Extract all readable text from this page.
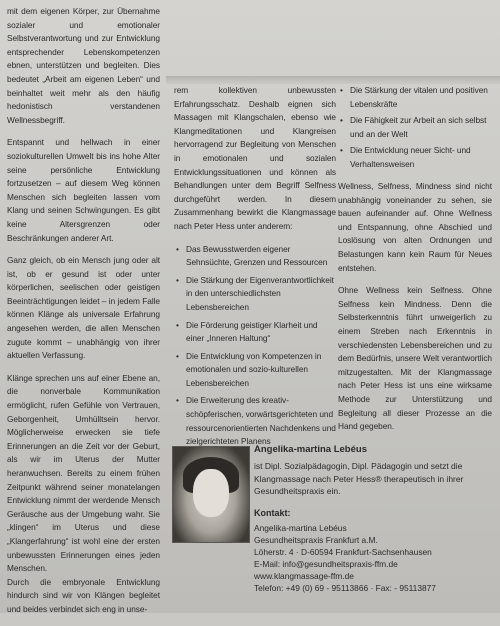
mit dem eigenen Körper, zur Übernahme sozialer und emotionaler Selbstverantwortung und zur Entwicklung entsprechender Lebenskompetenzen ebnen, unterstützen und begleiten. Dies bedeutet „Arbeit am eigenen Leben“ und beinhaltet weit mehr als den häufig hedonistisch verstandenen Wellnessbegriff.

Entspannt und hellwach in einer soziokulturellen Umwelt bis ins hohe Alter seine persönliche Entwicklung fortzusetzen – auf diesem Weg können Menschen sich begleiten lassen vom Klang und seinen Schwingungen. Es gibt keine Altersgrenzen oder Beschränkungen anderer Art.

Ganz gleich, ob ein Mensch jung oder alt ist, ob er gesund ist oder unter körperlichen, seelischen oder geistigen Beeinträchtigungen leidet – in jedem Falle können Klänge als universale Erfahrung angesehen werden, die allen Menschen zugute kommt – unabhängig von ihrer aktuellen Verfassung.

Klänge sprechen uns auf einer Ebene an, die nonverbale Kommunikation ermöglicht, rufen Gefühle von Vertrauen, Geborgenheit, Umhülltsein hervor. Möglicherweise erwecken sie tiefe Erinnerungen an die Zeit vor der Geburt, als wir im Uterus der Mutter heranwuchsen. Bereits zu einem frühen Zeitpunkt während seiner monatelangen Entwicklung nimmt der werdende Mensch Geräusche aus der Umgebung wahr. Sie „klingen“ im Uterus und diese „Klangerfahrung“ ist wohl eine der ersten unbewussten Erinnerungen eines jeden Menschen.

Durch die embryonale Entwicklung hindurch sind wir von Klängen begleitet und beides verbindet sich eng in unse-

rem kollektiven unbewussten Erfahrungsschatz. Deshalb eignen sich Massagen mit Klangschalen, ebenso wie Klangmeditationen und Klangreisen hervorragend zur Begleitung von Menschen in emotionalen und sozialen Entwicklungssituationen und können als Behandlungen unter dem Begriff Selfness durchgeführt werden. In diesem Zusammenhang bewirkt die Klangmassage nach Peter Hess unter anderem:

• Das Bewusstwerden eigener Sehnsüchte, Grenzen und Ressourcen
• Die Stärkung der Eigenverantwortlichkeit in den unterschiedlichsten Lebensbereichen
• Die Förderung geistiger Klarheit und einer „Inneren Haltung“
• Die Entwicklung von Kompetenzen in emotionalen und sozio-kulturellen Lebensbereichen
• Die Erweiterung des kreativ-schöpferischen, vorwärtsgerichteten und ressourcenorientierten Nachdenkens und zielgerichteten Planens
• Die Stärkung der vitalen und positiven Lebenskräfte
• Die Fähigkeit zur Arbeit an sich selbst und an der Welt
• Die Entwicklung neuer Sicht- und Verhaltensweisen

Wellness, Selfness, Mindness sind nicht unabhängig voneinander zu sehen, sie bauen aufeinander auf. Ohne Wellness und Entspannung, ohne Abschied und Loslösung von alten Ordnungen und Belastungen kann kein Raum für Neues entstehen.

Ohne Wellness kein Selfness. Ohne Selfness kein Mindness. Denn die Selbsterkenntnis führt unweigerlich zu einem Streben nach Erkenntnis in verschiedensten Lebensbereichen und zu dem Bedürfnis, unsere Welt verantwortlich mitzugestalten. Mit der Klangmassage nach Peter Hess ist uns eine wirksame Methode zur Unterstützung und Begleitung all dieser Prozesse an die Hand gegeben.

Angelika-martina Lebéus
ist Dipl. Sozialpädagogin, Dipl. Pädagogin und setzt die Klangmassage nach Peter Hess® therapeutisch in ihrer Gesundheitspraxis ein.
Kontakt:
Angelika-martina Lebéus
Gesundheitspraxis Frankfurt a.M.
Löherstr. 4 · D-60594 Frankfurt-Sachsenhausen
E-Mail: info@gesundheitspraxis-ffm.de
www.klangmassage-ffm.de
Telefon: +49 (0) 69 - 95113866 · Fax: - 95113877
